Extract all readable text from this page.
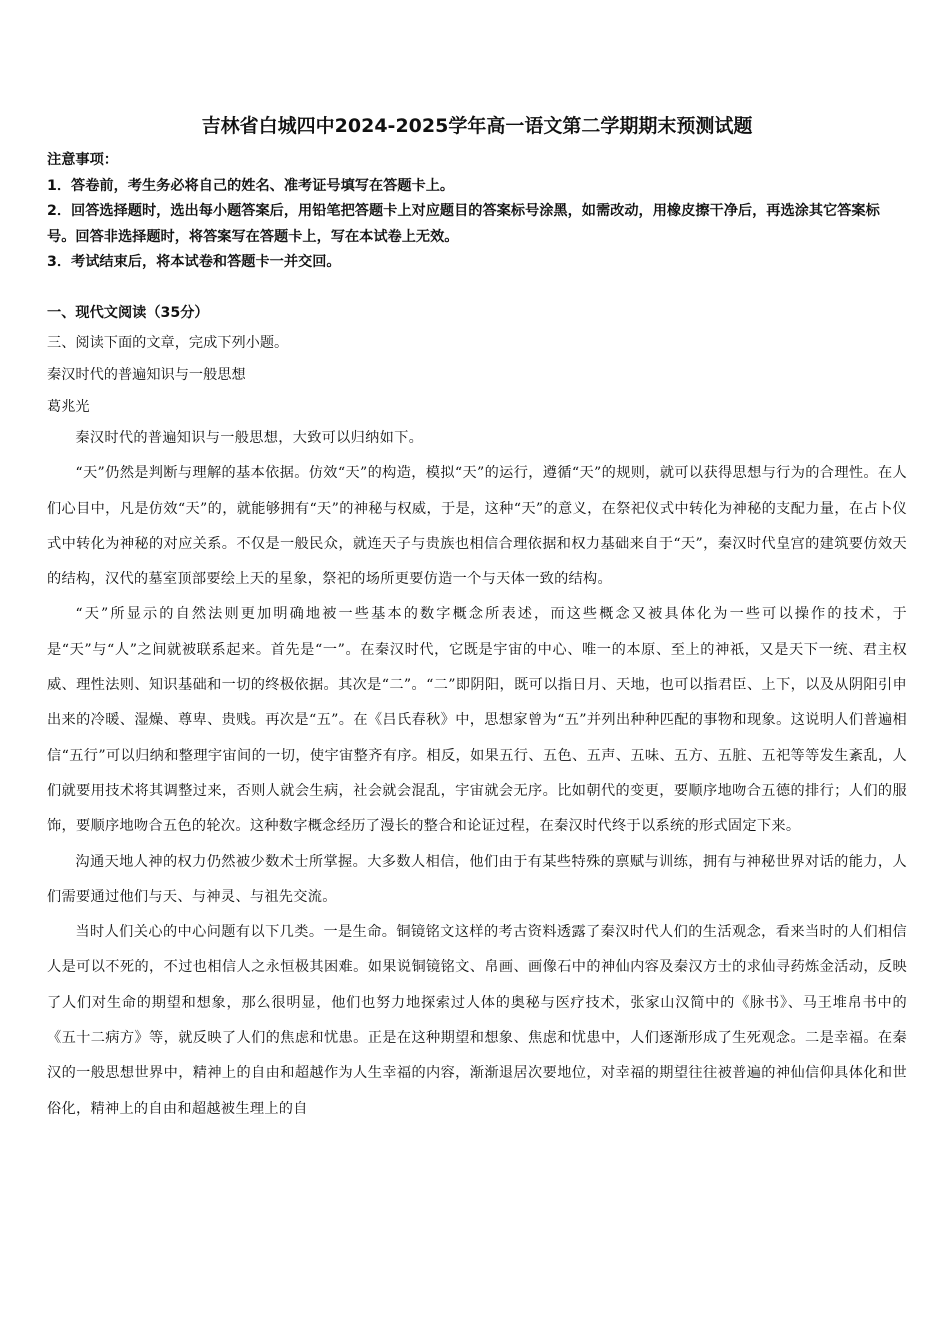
吉林省白城四中2024-2025学年高一语文第二学期期末预测试题

注意事项：

1．答卷前，考生务必将自己的姓名、准考证号填写在答题卡上。

2．回答选择题时，选出每小题答案后，用铅笔把答题卡上对应题目的答案标号涂黑，如需改动，用橡皮擦干净后，再选涂其它答案标号。回答非选择题时，将答案写在答题卡上，写在本试卷上无效。

3．考试结束后，将本试卷和答题卡一并交回。

一、现代文阅读（35分）

三、阅读下面的文章，完成下列小题。

秦汉时代的普遍知识与一般思想

葛兆光

秦汉时代的普遍知识与一般思想，大致可以归纳如下。

“天”仍然是判断与理解的基本依据。仿效“天”的构造，模拟“天”的运行，遵循“天”的规则，就可以获得思想与行为的合理性。在人们心目中，凡是仿效“天”的，就能够拥有“天”的神秘与权威，于是，这种“天”的意义，在祭祀仪式中转化为神秘的支配力量，在占卜仪式中转化为神秘的对应关系。不仅是一般民众，就连天子与贵族也相信合理依据和权力基础来自于“天”，秦汉时代皇宫的建筑要仿效天的结构，汉代的墓室顶部要绘上天的星象，祭祀的场所更要仿造一个与天体一致的结构。

“天”所显示的自然法则更加明确地被一些基本的数字概念所表述，而这些概念又被具体化为一些可以操作的技术，于是“天”与“人”之间就被联系起来。首先是“一”。在秦汉时代，它既是宇宙的中心、唯一的本原、至上的神祇，又是天下一统、君主权威、理性法则、知识基础和一切的终极依据。其次是“二”。“二”即阴阳，既可以指日月、天地，也可以指君臣、上下，以及从阴阳引申出来的冷暖、湿燥、尊卑、贵贱。再次是“五”。在《吕氏春秋》中，思想家曾为“五”并列出种种匹配的事物和现象。这说明人们普遍相信“五行”可以归纳和整理宇宙间的一切，使宇宙整齐有序。相反，如果五行、五色、五声、五味、五方、五脏、五祀等等发生紊乱，人们就要用技术将其调整过来，否则人就会生病，社会就会混乱，宇宙就会无序。比如朝代的变更，要顺序地吻合五德的排行；人们的服饰，要顺序地吻合五色的轮次。这种数字概念经历了漫长的整合和论证过程，在秦汉时代终于以系统的形式固定下来。

沟通天地人神的权力仍然被少数术士所掌握。大多数人相信，他们由于有某些特殊的禀赋与训练，拥有与神秘世界对话的能力，人们需要通过他们与天、与神灵、与祖先交流。

当时人们关心的中心问题有以下几类。一是生命。铜镜铭文这样的考古资料透露了秦汉时代人们的生活观念，看来当时的人们相信人是可以不死的，不过也相信人之永恒极其困难。如果说铜镜铭文、帛画、画像石中的神仙内容及秦汉方士的求仙寻药炼金活动，反映了人们对生命的期望和想象，那么很明显，他们也努力地探索过人体的奥秘与医疗技术，张家山汉简中的《脉书》、马王堆帛书中的《五十二病方》等，就反映了人们的焦虑和忧患。正是在这种期望和想象、焦虑和忧患中，人们逐渐形成了生死观念。二是幸福。在秦汉的一般思想世界中，精神上的自由和超越作为人生幸福的内容，渐渐退居次要地位，对幸福的期望往往被普遍的神仙信仰具体化和世俗化，精神上的自由和超越被生理上的自
